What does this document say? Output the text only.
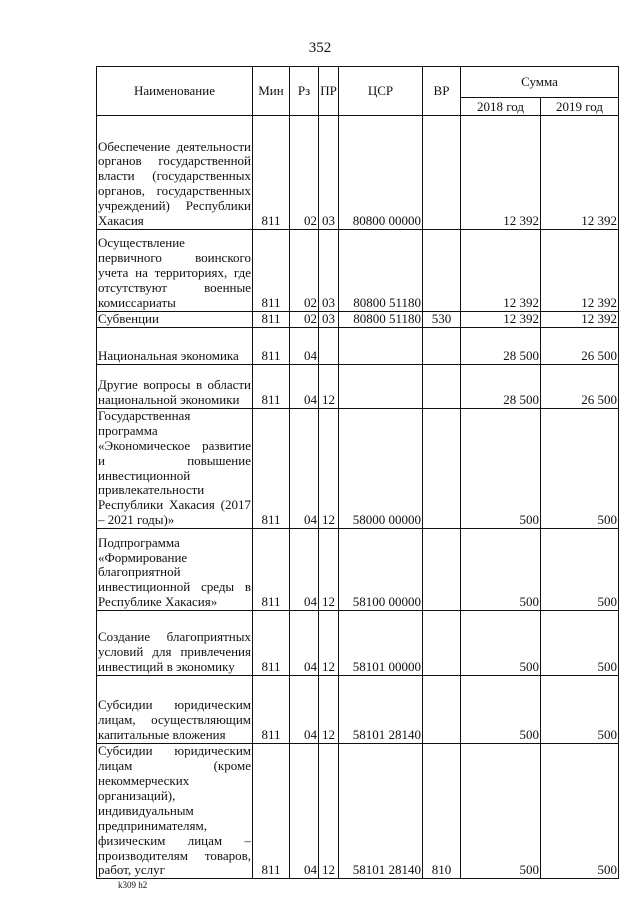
352
Наименование	Мин	Рз	ПР	ЦСР	ВР	Сумма	
						2018 год	2019 год
Обеспечение деятельности органов государственной власти (государственных органов, государственных учреждений) Республики Хакасия	811	02	03	80800 00000		12 392	12 392
Осуществление первичного воинского учета на территориях, где отсутствуют военные комиссариаты	811	02	03	80800 51180		12 392	12 392
Субвенции	811	02	03	80800 51180	530	12 392	12 392
Национальная экономика	811	04				28 500	26 500
Другие вопросы в области национальной экономики	811	04	12			28 500	26 500
Государственная программа «Экономическое развитие и повышение инвестиционной привлекательности Республики Хакасия (2017 – 2021 годы)»	811	04	12	58000 00000		500	500
Подпрограмма «Формирование благоприятной инвестиционной среды в Республике Хакасия»	811	04	12	58100 00000		500	500
Создание благоприятных условий для привлечения инвестиций в экономику	811	04	12	58101 00000		500	500
Субсидии юридическим лицам, осуществляющим капитальные вложения	811	04	12	58101 28140		500	500
Субсидии юридическим лицам (кроме некоммерческих организаций), индивидуальным предпринимателям, физическим лицам – производителям товаров, работ, услуг	811	04	12	58101 28140	810	500	500
k309 h2
